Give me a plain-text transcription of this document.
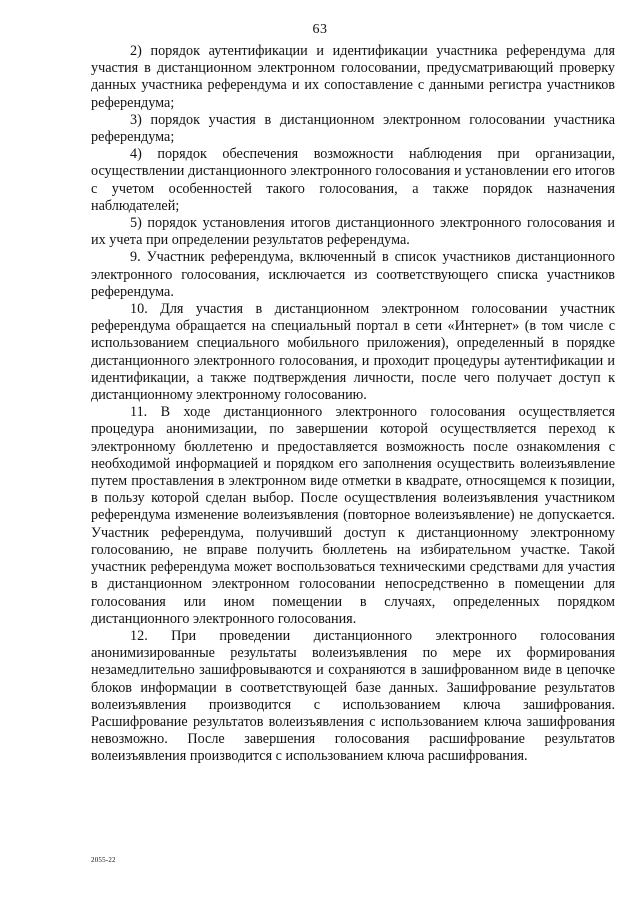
63

2) порядок аутентификации и идентификации участника референдума для участия в дистанционном электронном голосовании, предусматривающий проверку данных участника референдума и их сопоставление с данными регистра участников референдума;

3) порядок участия в дистанционном электронном голосовании участника референдума;

4) порядок обеспечения возможности наблюдения при организации, осуществлении дистанционного электронного голосования и установлении его итогов с учетом особенностей такого голосования, а также порядок назначения наблюдателей;

5) порядок установления итогов дистанционного электронного голосования и их учета при определении результатов референдума.

9. Участник референдума, включенный в список участников дистанционного электронного голосования, исключается из соответствующего списка участников референдума.

10. Для участия в дистанционном электронном голосовании участник референдума обращается на специальный портал в сети «Интернет» (в том числе с использованием специального мобильного приложения), определенный в порядке дистанционного электронного голосования, и проходит процедуры аутентификации и идентификации, а также подтверждения личности, после чего получает доступ к дистанционному электронному голосованию.

11. В ходе дистанционного электронного голосования осуществляется процедура анонимизации, по завершении которой осуществляется переход к электронному бюллетеню и предоставляется возможность после ознакомления с необходимой информацией и порядком его заполнения осуществить волеизъявление путем проставления в электронном виде отметки в квадрате, относящемся к позиции, в пользу которой сделан выбор. После осуществления волеизъявления участником референдума изменение волеизъявления (повторное волеизъявление) не допускается. Участник референдума, получивший доступ к дистанционному электронному голосованию, не вправе получить бюллетень на избирательном участке. Такой участник референдума может воспользоваться техническими средствами для участия в дистанционном электронном голосовании непосредственно в помещении для голосования или ином помещении в случаях, определенных порядком дистанционного электронного голосования.

12. При проведении дистанционного электронного голосования анонимизированные результаты волеизъявления по мере их формирования незамедлительно зашифровываются и сохраняются в зашифрованном виде в цепочке блоков информации в соответствующей базе данных. Зашифрование результатов волеизъявления производится с использованием ключа зашифрования. Расшифрование результатов волеизъявления с использованием ключа зашифрования невозможно. После завершения голосования расшифрование результатов волеизъявления производится с использованием ключа расшифрования.

2055-22
